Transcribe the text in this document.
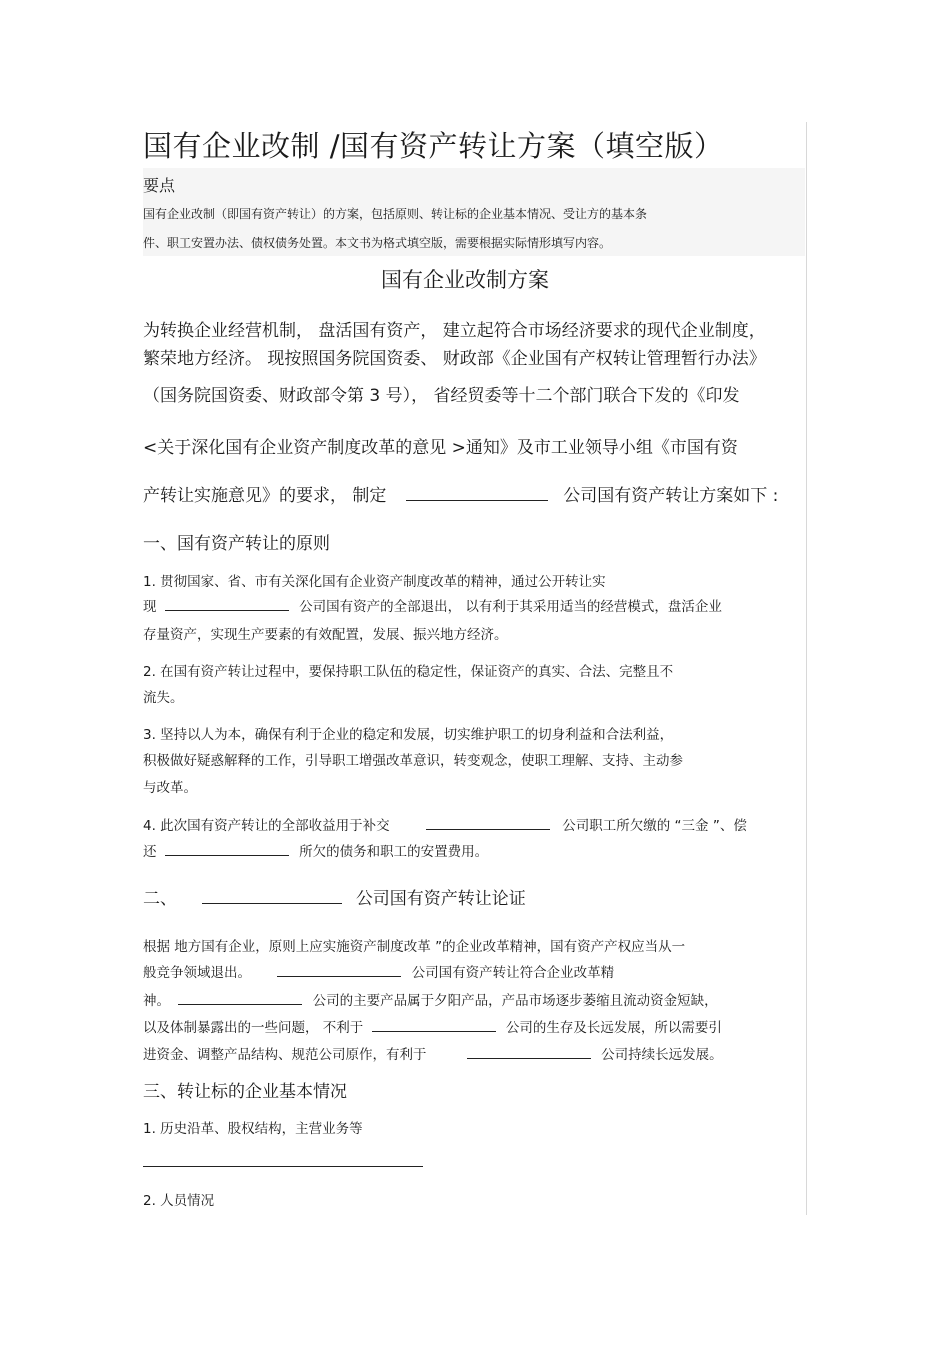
国有企业改制 /国有资产转让方案（填空版）
要点
国有企业改制（即国有资产转让）的方案，包括原则、转让标的企业基本情况、受让方的基本条
件、职工安置办法、债权债务处置。本文书为格式填空版，需要根据实际情形填写内容。
国有企业改制方案
为转换企业经营机制， 盘活国有资产， 建立起符合市场经济要求的现代企业制度，
繁荣地方经济。 现按照国务院国资委、 财政部《企业国有产权转让管理暂行办法》
（国务院国资委、财政部令第 3 号）， 省经贸委等十二个部门联合下发的《印发
<关于深化国有企业资产制度改革的意见 >通知》及市工业领导小组《市国有资
产转让实施意见》的要求， 制定	公司国有资产转让方案如下 :
一、国有资产转让的原则
1. 贯彻国家、省、市有关深化国有企业资产制度改革的精神，通过公开转让实
现	公司国有资产的全部退出， 以有利于其采用适当的经营模式，盘活企业
存量资产，实现生产要素的有效配置，发展、振兴地方经济。
2. 在国有资产转让过程中，要保持职工队伍的稳定性，保证资产的真实、合法、完整且不
流失。
3. 坚持以人为本，确保有利于企业的稳定和发展，切实维护职工的切身利益和合法利益，
积极做好疑惑解释的工作，引导职工增强改革意识，转变观念，使职工理解、支持、主动参
与改革。
4. 此次国有资产转让的全部收益用于补交	公司职工所欠缴的 “三金 ”、偿
还	所欠的债务和职工的安置费用。
二、	公司国有资产转让论证
根据 地方国有企业，原则上应实施资产制度改革 ”的企业改革精神，国有资产产权应当从一
般竞争领域退出。	公司国有资产转让符合企业改革精
神。	公司的主要产品属于夕阳产品，产品市场逐步萎缩且流动资金短缺，
以及体制暴露出的一些问题， 不利于	公司的生存及长远发展，所以需要引
进资金、调整产品结构、规范公司原作，有利于	公司持续长远发展。
三、转让标的企业基本情况
1. 历史沿革、股权结构，主营业务等
2. 人员情况
